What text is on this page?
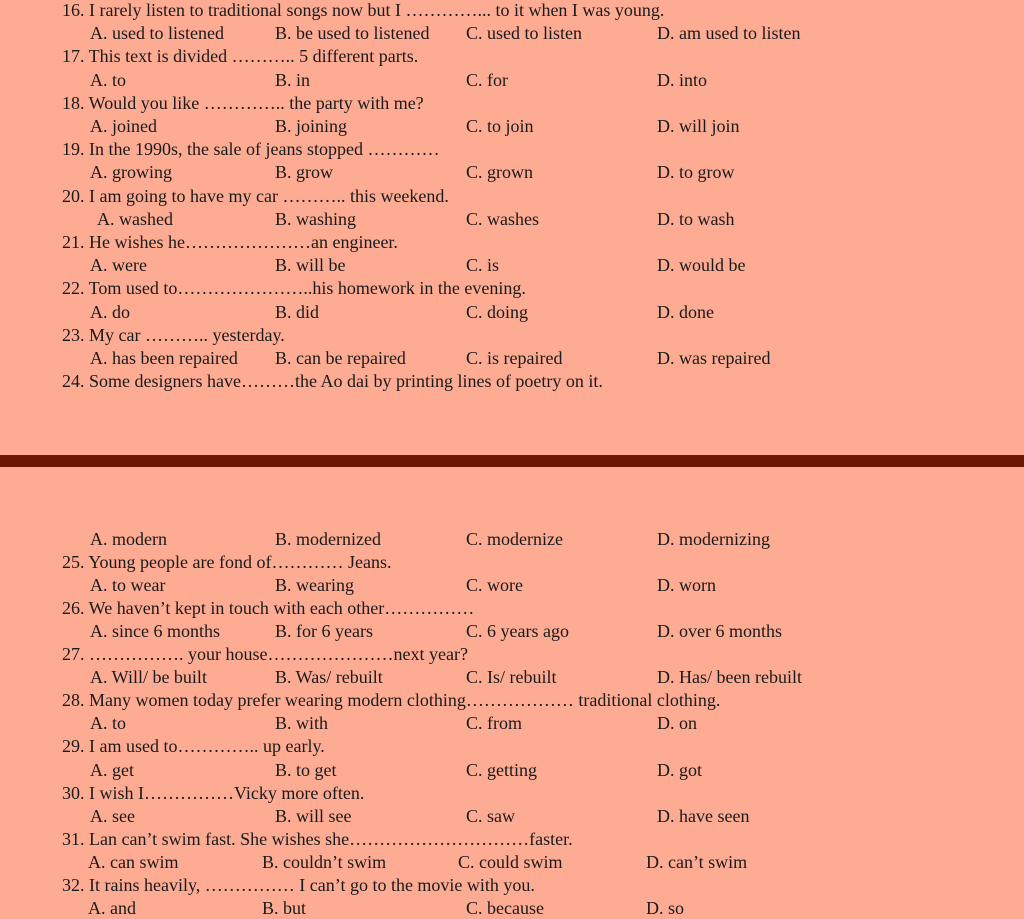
16. I rarely listen to traditional songs now but I …………... to it when I was young.
A. used to listened	B. be used to listened C. used to listen	D. am used to listen
17. This text is divided ……….. 5 different parts.
A. to	B. in	C. for	D. into
18. Would you like ………….. the party with me?
A. joined	B. joining	C. to join	D. will join
19. In the 1990s, the sale of jeans stopped …………
A. growing	B. grow	C. grown	D. to grow
20. I am going to have my car ……….. this weekend.
A. washed	B. washing	C. washes	D. to wash
21. He wishes he…………………an engineer.
A. were	B. will be	C. is	D. would be
22. Tom used to…………………..his homework in the evening.
A. do	B. did	C. doing	D. done
23. My car ……….. yesterday.
A. has been repaired B. can be repaired	C. is repaired	D. was repaired
24. Some designers have………the Ao dai by printing lines of poetry on it.
A. modern	B. modernized	C. modernize	D. modernizing
25. Young people are fond of………… Jeans.
A. to wear	B. wearing	C. wore	D. worn
26. We haven’t kept in touch with each other……………
A. since 6 months	B. for 6 years	C. 6 years ago	D. over 6 months
27. ……………. your house…………………next year?
A. Will/ be built	B. Was/ rebuilt	C. Is/ rebuilt	D. Has/ been rebuilt
28. Many women today prefer wearing modern clothing……………… traditional clothing.
A. to	B. with	C. from	D. on
29. I am used to………….. up early.
A. get	B. to get	C. getting	D. got
30. I wish I……………Vicky more often.
A. see	B. will see	C. saw	D. have seen
31. Lan can’t swim fast. She wishes she…………………………faster.
A. can swim	B. couldn’t swim	C. could swim	D. can’t swim
32. It rains heavily, …………… I can’t go to the movie with you.
A. and	B. but	C. because	D. so
